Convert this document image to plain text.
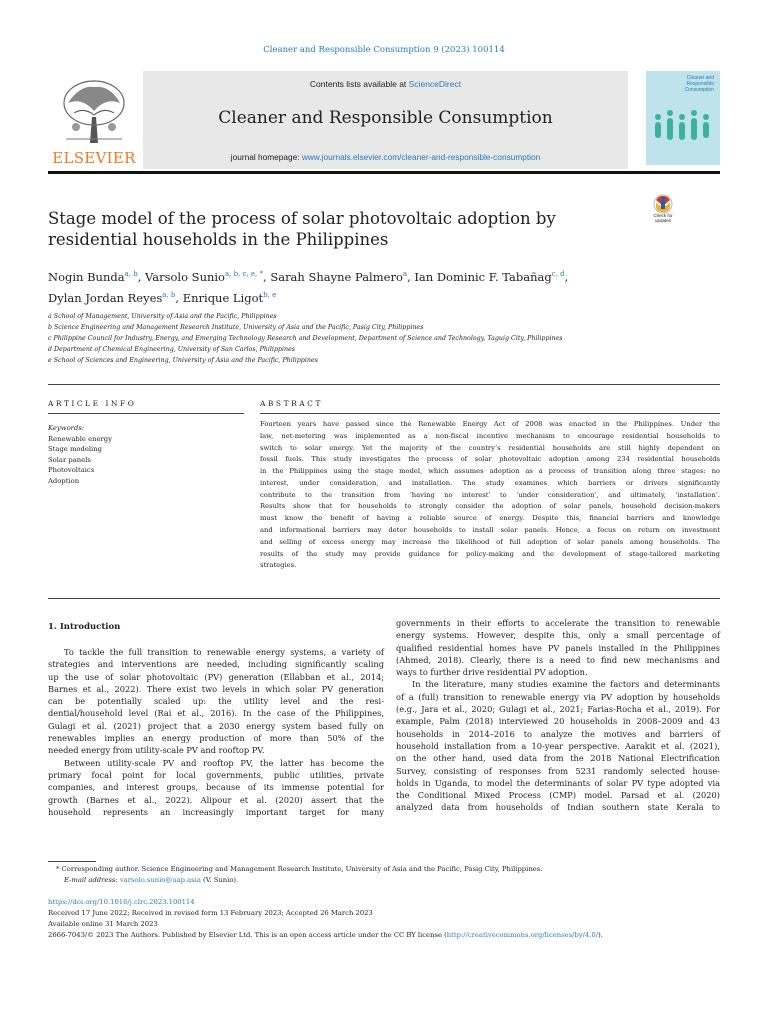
Cleaner and Responsible Consumption 9 (2023) 100114
ELSEVIER
Contents lists available at ScienceDirect
Cleaner and Responsible Consumption
journal homepage: www.journals.elsevier.com/cleaner-and-responsible-consumption
Cleaner and Responsible Consumption
Stage model of the process of solar photovoltaic adoption by residential households in the Philippines
Check for updates
Nogin Bunda$^{a, b}$, Varsolo Sunio$^{a, b, c, e, *}$, Sarah Shayne Palmero$^a$, Ian Dominic F. Tabañag$^{c, d}$,
Dylan Jordan Reyes$^{a, b}$, Enrique Ligot$^{b, e}$
a School of Management, University of Asia and the Pacific, Philippines
b Science Engineering and Management Research Institute, University of Asia and the Pacific, Pasig City, Philippines
c Philippine Council for Industry, Energy, and Emerging Technology Research and Development, Department of Science and Technology, Taguig City, Philippines
d Department of Chemical Engineering, University of San Carlos, Philippines
e School of Sciences and Engineering, University of Asia and the Pacific, Philippines
ARTICLE INFO	ABSTRACT
Keywords:
Renewable energy
Stage modeling
Solar panels
Photovoltaics
Adoption
Fourteen years have passed since the Renewable Energy Act of 2008 was enacted in the Philippines. Under the
law, net-metering was implemented as a non-fiscal incentive mechanism to encourage residential households to
switch to solar energy. Yet the majority of the country’s residential households are still highly dependent on
fossil fuels. This study investigates the process of solar photovoltaic adoption among 234 residential households
in the Philippines using the stage model, which assumes adoption as a process of transition along three stages: no
interest, under consideration, and installation. The study examines which barriers or drivers significantly
contribute to the transition from ‘having no interest’ to ‘under consideration’, and ultimately, ‘installation’.
Results show that for households to strongly consider the adoption of solar panels, household decision-makers
must know the benefit of having a reliable source of energy. Despite this, financial barriers and knowledge
and informational barriers may deter households to install solar panels. Hence, a focus on return on investment
and selling of excess energy may increase the likelihood of full adoption of solar panels among households. The
results of the study may provide guidance for policy-making and the development of stage-tailored marketing
strategies.
1. Introduction
To tackle the full transition to renewable energy systems, a variety of
strategies and interventions are needed, including significantly scaling
up the use of solar photovoltaic (PV) generation (Ellabban et al., 2014;
Barnes et al., 2022). There exist two levels in which solar PV generation
can be potentially scaled up: the utility level and the resi-
dential/household level (Rai et al., 2016). In the case of the Philippines,
Gulagi et al. (2021) project that a 2030 energy system based fully on
renewables implies an energy production of more than 50% of the
needed energy from utility-scale PV and rooftop PV.
Between utility-scale PV and rooftop PV, the latter has become the
primary focal point for local governments, public utilities, private
companies, and interest groups, because of its immense potential for
growth (Barnes et al., 2022). Alipour et al. (2020) assert that the
household represents an increasingly important target for many
governments in their efforts to accelerate the transition to renewable
energy systems. However, despite this, only a small percentage of
qualified residential homes have PV panels installed in the Philippines
(Ahmed, 2018). Clearly, there is a need to find new mechanisms and
ways to further drive residential PV adoption.
In the literature, many studies examine the factors and determinants
of a (full) transition to renewable energy via PV adoption by households
(e.g., Jara et al., 2020; Gulagi et al., 2021; Farias-Rocha et al., 2019). For
example, Palm (2018) interviewed 20 households in 2008–2009 and 43
households in 2014–2016 to analyze the motives and barriers of
household installation from a 10-year perspective. Aarakit et al. (2021),
on the other hand, used data from the 2018 National Electrification
Survey, consisting of responses from 5231 randomly selected house-
holds in Uganda, to model the determinants of solar PV type adopted via
the Conditional Mixed Process (CMP) model. Parsad et al. (2020)
analyzed data from households of Indian southern state Kerala to
* Corresponding author. Science Engineering and Management Research Institute, University of Asia and the Pacific, Pasig City, Philippines.
E-mail address: varsolo.sunio@uap.asia (V. Sunio).
https://doi.org/10.1016/j.clrc.2023.100114
Received 17 June 2022; Received in revised form 13 February 2023; Accepted 26 March 2023
Available online 31 March 2023
2666-7043/© 2023 The Authors. Published by Elsevier Ltd. This is an open access article under the CC BY license (http://creativecommons.org/licenses/by/4.0/).
